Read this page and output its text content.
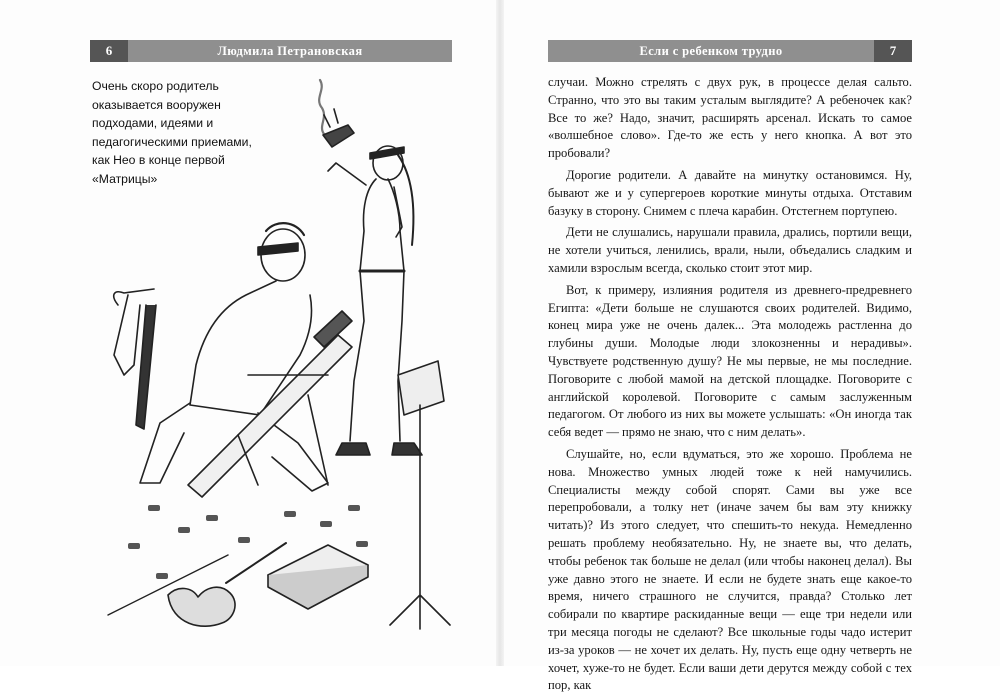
6	Людмила Петрановская	Если с ребенком трудно	7
Очень скоро родитель оказывается вооружен подходами, идеями и педагогическими приемами, как Нео в конце первой «Матрицы»

случаи. Можно стрелять с двух рук, в процессе делая сальто. Странно, что это вы таким усталым выглядите? А ребеночек как? Все то же? Надо, значит, расширять арсенал. Искать то самое «волшебное слово». Где-то же есть у него кнопка. А вот это пробовали?

Дорогие родители. А давайте на минутку остановимся. Ну, бывают же и у супергероев короткие минуты отдыха. Отставим базуку в сторону. Снимем с плеча карабин. Отстегнем портупею.

Дети не слушались, нарушали правила, дрались, портили вещи, не хотели учиться, ленились, врали, ныли, объедались сладким и хамили взрослым всегда, сколько стоит этот мир.

Вот, к примеру, излияния родителя из древнего-предревнего Египта: «Дети больше не слушаются своих родителей. Видимо, конец мира уже не очень далек... Эта молодежь растленна до глубины души. Молодые люди злокозненны и нерадивы». Чувствуете родственную душу? Не мы первые, не мы последние. Поговорите с любой мамой на детской площадке. Поговорите с английской королевой. Поговорите с самым заслуженным педагогом. От любого из них вы можете услышать: «Он иногда так себя ведет — прямо не знаю, что с ним делать».

Слушайте, но, если вдуматься, это же хорошо. Проблема не нова. Множество умных людей тоже к ней намучились. Специалисты между собой спорят. Сами вы уже все перепробовали, а толку нет (иначе зачем бы вам эту книжку читать)? Из этого следует, что спешить-то некуда. Немедленно решать проблему необязательно. Ну, не знаете вы, что делать, чтобы ребенок так больше не делал (или чтобы наконец делал). Вы уже давно этого не знаете. И если не будете знать еще какое-то время, ничего страшного не случится, правда? Столько лет собирали по квартире раскиданные вещи — еще три недели или три месяца погоды не сделают? Все школьные годы чадо истерит из-за уроков — не хочет их делать. Ну, пусть еще одну четверть не хочет, хуже-то не будет. Если ваши дети дерутся между собой с тех пор, как
